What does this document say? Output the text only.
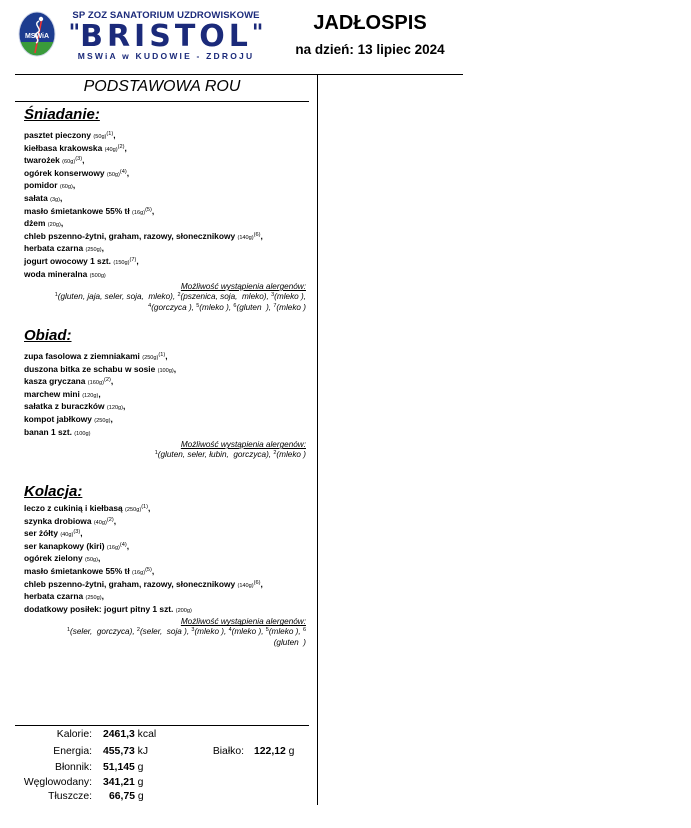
MSWiA
SP ZOZ SANATORIUM UZDROWISKOWE
"BRISTOL"
MSWiA w KUDOWIE - ZDROJU
JADŁOSPIS
na dzień: 13 lipiec 2024
PODSTAWOWA ROU
Śniadanie:
pasztet pieczony $(50g)^{(1)}$,
kiełbasa krakowska $(40g)^{(2)}$,
twarożek $(60g)^{(3)}$,
ogórek konserwowy $(50g)^{(4)}$,
pomidor (60g),
sałata (3g),
masło śmietankowe 55% tł $(16g)^{(5)}$,
dżem (20g),
chleb pszenno-żytni, graham, razowy, słonecznikowy $(140g)^{(6)}$,
herbata czarna (250g),
jogurt owocowy 1 szt. $(150g)^{(7)}$,
woda mineralna (500g)
Możliwość wystąpienia alergenów:
$^1$(gluten, jaja, seler, soja,  mleko), $^2$(pszenica, soja,  mleko), $^3$(mleko ),
$^4$(gorczyca ), $^5$(mleko ), $^6$(gluten  ), $^7$(mleko )
Obiad:
zupa fasolowa z ziemniakami $(250g)^{(1)}$,
duszona bitka ze schabu w sosie (100g),
kasza gryczana $(160g)^{(2)}$,
marchew mini (120g),
sałatka z buraczków (120g),
kompot jabłkowy (250g),
banan 1 szt. (100g)
Możliwość wystąpienia alergenów:
$^1$(gluten, seler, łubin,  gorczyca), $^2$(mleko )
Kolacja:
leczo z cukinią i kiełbasą $(250g)^{(1)}$,
szynka drobiowa $(40g)^{(2)}$,
ser żółty $(40g)^{(3)}$,
ser kanapkowy (kiri) $(16g)^{(4)}$,
ogórek zielony (50g),
masło śmietankowe 55% tł $(16g)^{(5)}$,
chleb pszenno-żytni, graham, razowy, słonecznikowy $(140g)^{(6)}$,
herbata czarna (250g),
dodatkowy posiłek: jogurt pitny 1 szt. (200g)
Możliwość wystąpienia alergenów:
$^1$(seler,  gorczyca), $^2$(seler,  soja ), $^3$(mleko ), $^4$(mleko ), $^5$(mleko ), $^6$
(gluten  )
Kalorie: 2461,3 kcal
Energia: 455,73 kJ	Białko: 122,12 g
Błonnik: 51,145 g
Węglowodany: 341,21 g
Tłuszcze: 66,75 g
